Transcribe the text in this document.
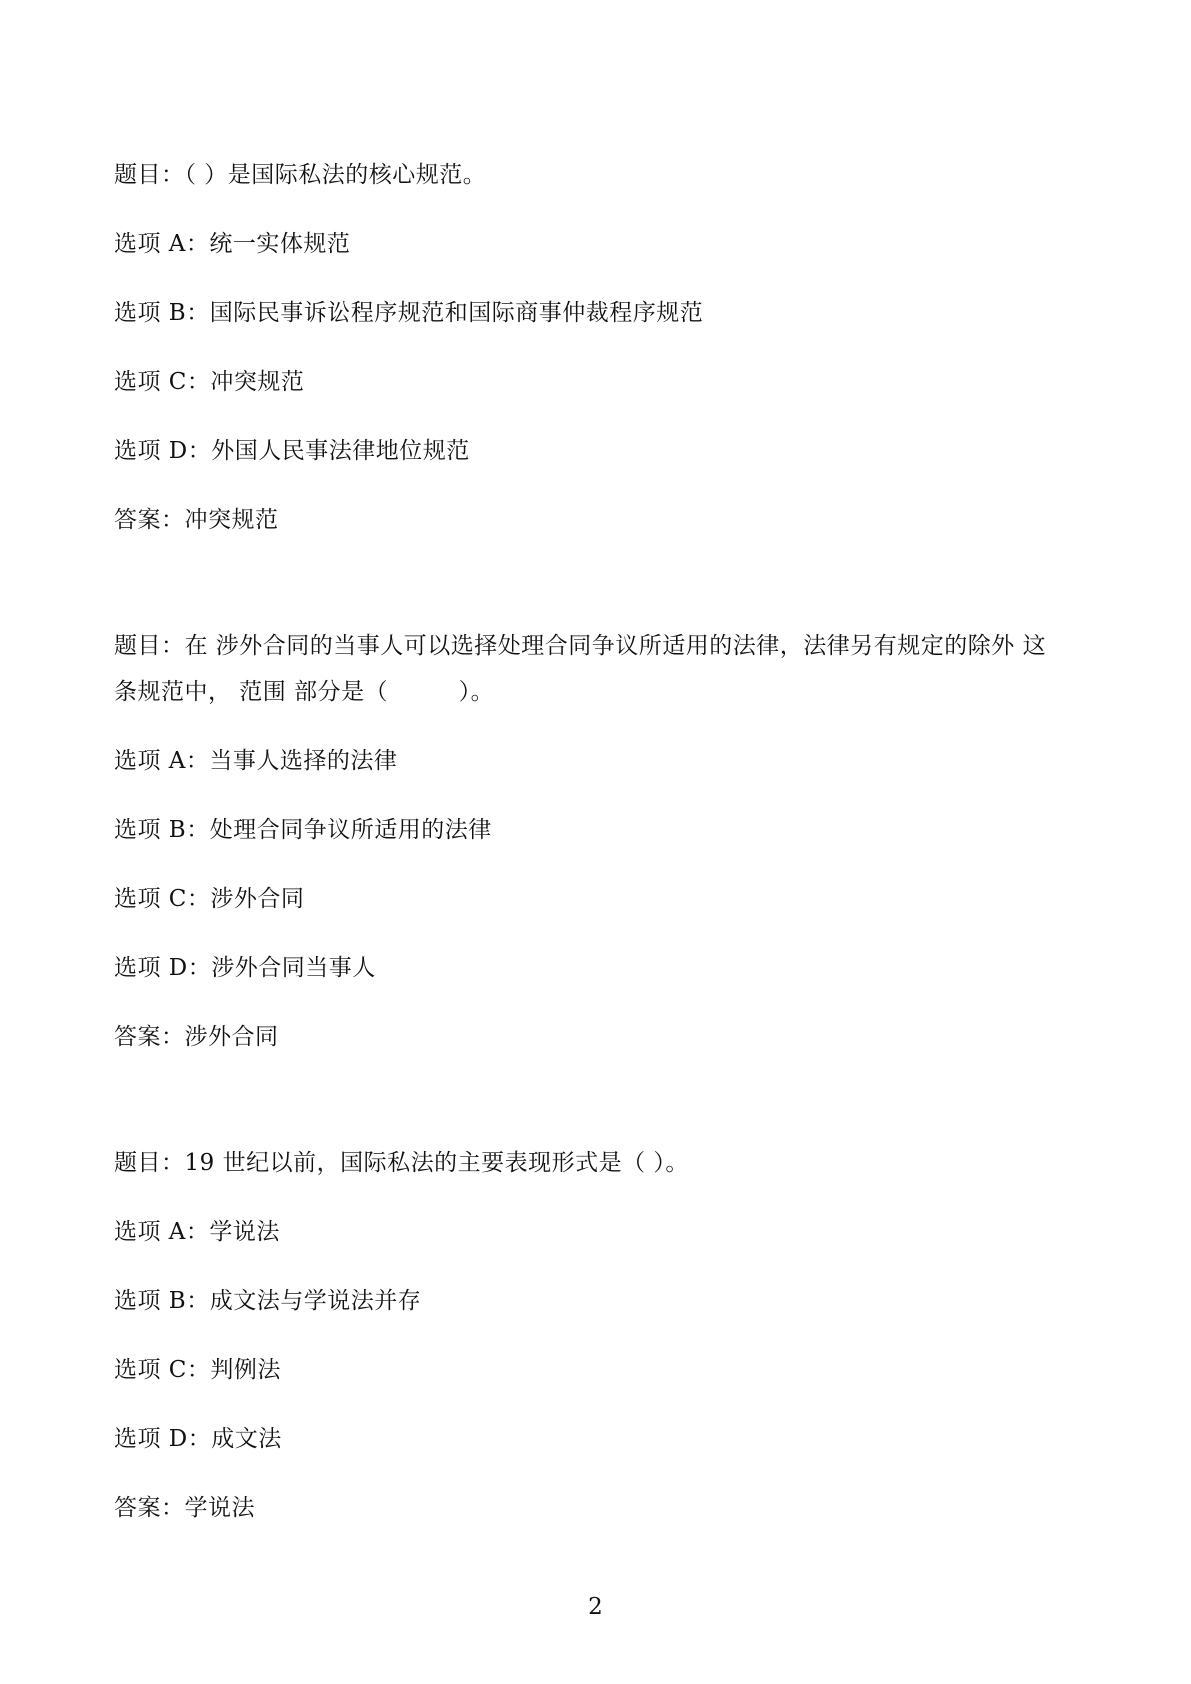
题目：（ ）是国际私法的核心规范。
选项 A：统一实体规范
选项 B：国际民事诉讼程序规范和国际商事仲裁程序规范
选项 C：冲突规范
选项 D：外国人民事法律地位规范
答案：冲突规范
题目：在 涉外合同的当事人可以选择处理合同争议所适用的法律，法律另有规定的除外 这
条规范中， 范围 部分是（　　　）。
选项 A：当事人选择的法律
选项 B：处理合同争议所适用的法律
选项 C：涉外合同
选项 D：涉外合同当事人
答案：涉外合同
题目：19 世纪以前，国际私法的主要表现形式是（ ）。
选项 A：学说法
选项 B：成文法与学说法并存
选项 C：判例法
选项 D：成文法
答案：学说法
2
